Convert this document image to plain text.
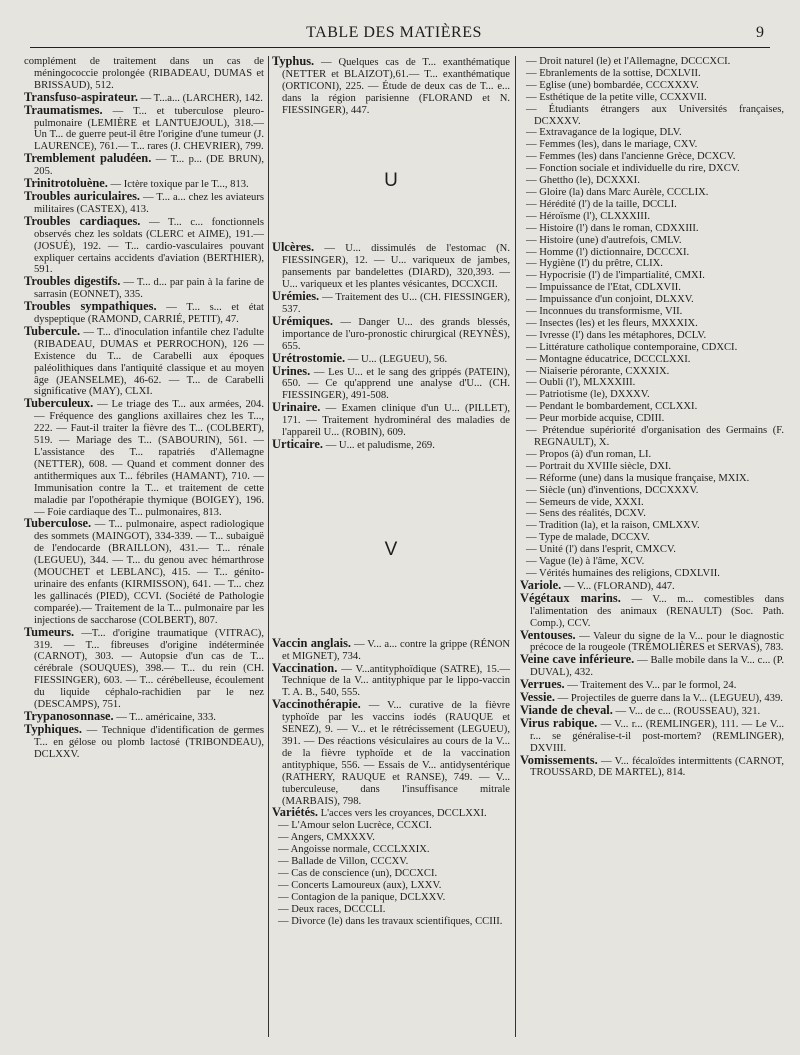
TABLE DES MATIÈRES	9

complément de traitement dans un cas de méningococcie prolongée (RIBADEAU, DUMAS et BRISSAUD), 512.

Transfuso-aspirateur. — T...a... (LARCHER), 142.

Traumatismes. — T... et tuberculose pleuro-pulmonaire (LEMIÈRE et LANTUEJOUL), 318.— Un T... de guerre peut-il être l'origine d'une tumeur (J. LAURENCE), 761.— T... rares (J. CHEVRIER), 799.

Tremblement paludéen. — T... p... (DE BRUN), 205.

Trinitrotoluène. — Ictère toxique par le T..., 813.

Troubles auriculaires. — T... a... chez les aviateurs militaires (CASTEX), 413.

Troubles cardiaques. — T... c... fonctionnels observés chez les soldats (CLERC et AIME), 191.— (JOSUÉ), 192. — T... cardio-vasculaires pouvant expliquer certains accidents d'aviation (BERTHIER), 591.

Troubles digestifs. — T... d... par pain à la farine de sarrasin (EONNET), 335.

Troubles sympathiques. — T... s... et état dyspeptique (RAMOND, CARRIÉ, PETIT), 47.

Tubercule. — T... d'inoculation infantile chez l'adulte (RIBADEAU, DUMAS et PERROCHON), 126 — Existence du T... de Carabelli aux époques paléolithiques dans l'antiquité classique et au moyen âge (JEANSELME), 46-62. — T... de Carabelli significative (MAY), CLXI.

Tuberculeux. — Le triage des T... aux armées, 204. — Fréquence des ganglions axillaires chez les T..., 222. — Faut-il traiter la fièvre des T... (COLBERT), 519. — Mariage des T... (SABOURIN), 561. — L'assistance des T... rapatriés d'Allemagne (NETTER), 608. — Quand et comment donner des antithermiques aux T... fébriles (HAMANT), 710. — Immunisation contre la T... et traitement de cette maladie par l'opothérapie thymique (BOIGEY), 196. — Foie cardiaque des T... pulmonaires, 813.

Tuberculose. — T... pulmonaire, aspect radiologique des sommets (MAINGOT), 334-339. — T... subaiguë de l'endocarde (BRAILLON), 431.— T... rénale (LEGUEU), 344. — T... du genou avec hémarthrose (MOUCHET et LEBLANC), 415. — T... génito-urinaire des enfants (KIRMISSON), 641. — T... chez les gallinacés (PIED), CCVI. (Société de Pathologie comparée).— Traitement de la T... pulmonaire par les injections de saccharose (COLBERT), 807.

Tumeurs. —T... d'origine traumatique (VITRAC), 319. — T... fibreuses d'origine indéterminée (CARNOT), 303. — Autopsie d'un cas de T... cérébrale (SOUQUES), 398.— T... du rein (CH. FIESSINGER), 603. — T... cérébelleuse, écoulement du liquide céphalo-rachidien par le nez (DESCAMPS), 751.

Trypanosonnase. — T... américaine, 333.

Typhiques. — Technique d'identification de germes T... en gélose ou plomb lactosé (TRIBONDEAU), DCLXXV.

Typhus. — Quelques cas de T... exanthématique (NETTER et BLAIZOT),61.— T... exanthématique (ORTICONI), 225. — Étude de deux cas de T... e... dans la région parisienne (FLORAND et N. FIESSINGER), 447.

U

Ulcères. — U... dissimulés de l'estomac (N. FIESSINGER), 12. — U... variqueux de jambes, pansements par bandelettes (DIARD), 320,393. — U... variqueux et les plantes vésicantes, DCCXCII.

Urémies. — Traitement des U... (CH. FIESSINGER), 537.

Urémiques. — Danger U... des grands blessés, importance de l'uro-pronostic chirurgical (REYNÈS), 655.

Urétrostomie. — U... (LEGUEU), 56.

Urines. — Les U... et le sang des grippés (PATEIN), 650. — Ce qu'apprend une analyse d'U... (CH. FIESSINGER), 491-508.

Urinaire. — Examen clinique d'un U... (PILLET), 171. — Traitement hydrominéral des maladies de l'appareil U... (ROBIN), 609.

Urticaire. — U... et paludisme, 269.

V

Vaccin anglais. — V... a... contre la grippe (RÉNON et MIGNET), 734.

Vaccination. — V...antityphoïdique (SATRE), 15.— Technique de la V... antityphique par le lippo-vaccin T. A. B., 540, 555.

Vaccinothérapie. — V... curative de la fièvre typhoïde par les vaccins iodés (RAUQUE et SENEZ), 9. — V... et le rétrécissement (LEGUEU), 391. — Des réactions vésiculaires au cours de la V... de la fièvre typhoïde et de la vaccination antityphique, 556. — Essais de V... antidysentérique (RATHERY, RAUQUE et RANSE), 749. — V... tuberculeuse, dans l'insuffisance mitrale (MARBAIS), 798.

Variétés. L'acces vers les croyances, DCCLXXI.

— L'Amour selon Lucrèce, CCXCI.

— Angers, CMXXXV.

— Angoisse normale, CCCLXXIX.

— Ballade de Villon, CCCXV.

— Cas de conscience (un), DCCXCI.

— Concerts Lamoureux (aux), LXXV.

— Contagion de la panique, DCLXXV.

— Deux races, DCCCLI.

— Divorce (le) dans les travaux scientifiques, CCIII.

— Droit naturel (le) et l'Allemagne, DCCCXCI.

— Ebranlements de la sottise, DCXLVII.

— Eglise (une) bombardée, CCCXXXV.

— Esthétique de la petite ville, CCXXVII.

— Étudiants étrangers aux Universités françaises, DCXXXV.

— Extravagance de la logique, DLV.

— Femmes (les), dans le mariage, CXV.

— Femmes (les) dans l'ancienne Grèce, DCXCV.

— Fonction sociale et individuelle du rire, DXCV.

— Ghettho (le), DCXXXI.

— Gloire (la) dans Marc Aurèle, CCCLIX.

— Hérédité (l') de la taille, DCCLI.

— Héroïsme (l'), CLXXXIII.

— Histoire (l') dans le roman, CDXXIII.

— Histoire (une) d'autrefois, CMLV.

— Homme (l') dictionnaire, DCCCXI.

— Hygiène (l') du prêtre, CLIX.

— Hypocrisie (l') de l'impartialité, CMXI.

— Impuissance de l'Etat, CDLXVII.

— Impuissance d'un conjoint, DLXXV.

— Inconnues du transformisme, VII.

— Insectes (les) et les fleurs, MXXXIX.

— Ivresse (l') dans les métaphores, DCLV.

— Littérature catholique contemporaine, CDXCI.

— Montagne éducatrice, DCCCLXXI.

— Niaiserie pérorante, CXXXIX.

— Oubli (l'), MLXXXIII.

— Patriotisme (le), DXXXV.

— Pendant le bombardement, CCLXXI.

— Peur morbide acquise, CDIII.

— Prétendue supériorité d'organisation des Germains (F. REGNAULT), X.

— Propos (à) d'un roman, LI.

— Portrait du XVIIIe siècle, DXI.

— Réforme (une) dans la musique française, MXIX.

— Siècle (un) d'inventions, DCCXXXV.

— Semeurs de vide, XXXI.

— Sens des réalités, DCXV.

— Tradition (la), et la raison, CMLXXV.

— Type de malade, DCCXV.

— Unité (l') dans l'esprit, CMXCV.

— Vague (le) à l'âme, XCV.

— Vérités humaines des religions, CDXLVII.

Variole. — V... (FLORAND), 447.

Végétaux marins. — V... m... comestibles dans l'alimentation des animaux (RENAULT) (Soc. Path. Comp.), CCV.

Ventouses. — Valeur du signe de la V... pour le diagnostic précoce de la rougeole (TRÉMOLIÈRES et SERVAS), 783.

Veine cave inférieure. — Balle mobile dans la V... c... (P. DUVAL), 432.

Verrues. — Traitement des V... par le formol, 24.

Vessie. — Projectiles de guerre dans la V... (LEGUEU), 439.

Viande de cheval. — V... de c... (ROUSSEAU), 321.

Virus rabique. — V... r... (REMLINGER), 111. — Le V... r... se généralise-t-il post-mortem? (REMLINGER), DXVIII.

Vomissements. — V... fécaloïdes intermittents (CARNOT, TROUSSARD, DE MARTEL), 814.
